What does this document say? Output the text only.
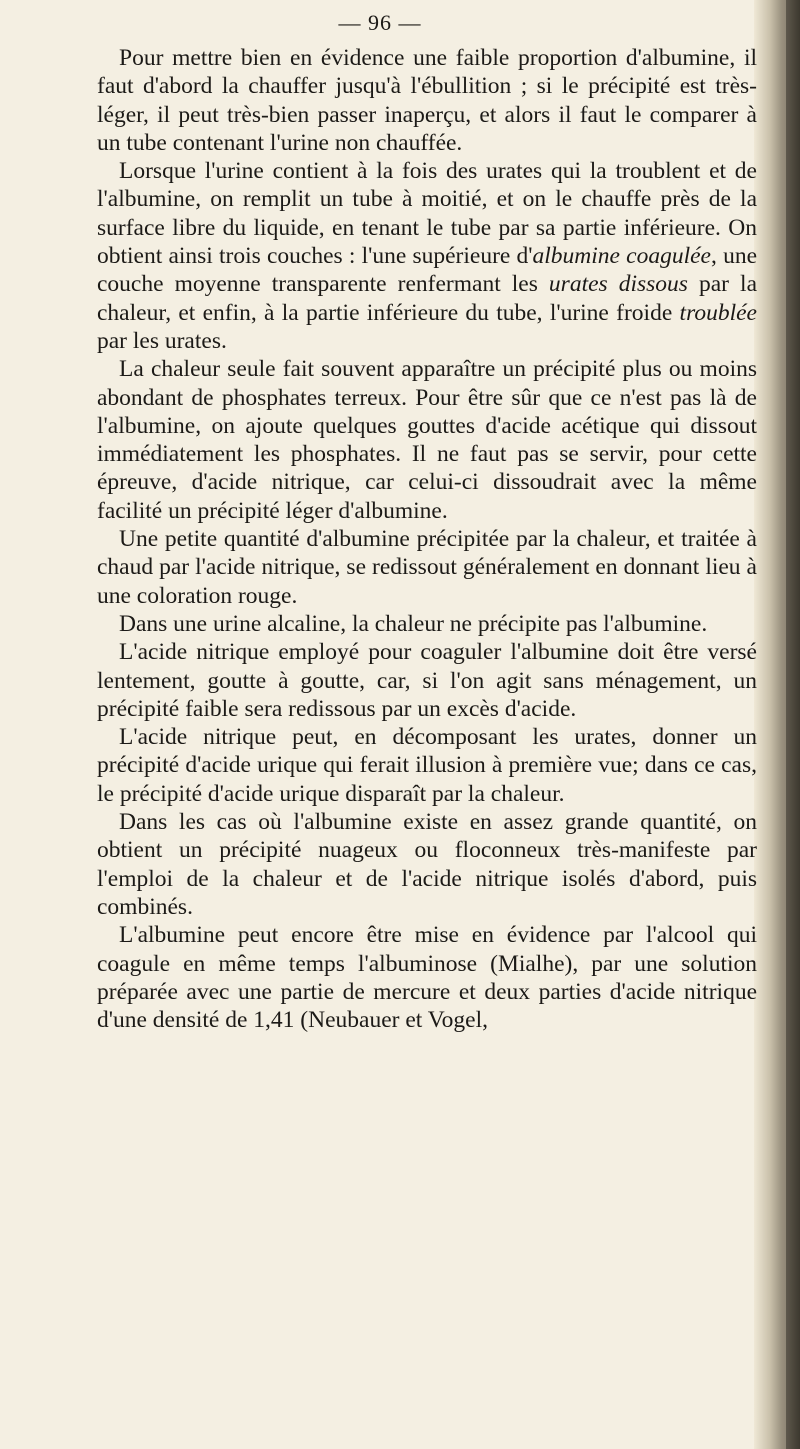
— 96 —

Pour mettre bien en évidence une faible proportion d'albumine, il faut d'abord la chauffer jusqu'à l'ébullition ; si le précipité est très-léger, il peut très-bien passer inaperçu, et alors il faut le comparer à un tube contenant l'urine non chauffée.

Lorsque l'urine contient à la fois des urates qui la troublent et de l'albumine, on remplit un tube à moitié, et on le chauffe près de la surface libre du liquide, en tenant le tube par sa partie inférieure. On obtient ainsi trois couches : l'une supérieure d'albumine coagulée, une couche moyenne transparente renfermant les urates dissous par la chaleur, et enfin, à la partie inférieure du tube, l'urine froide troublée par les urates.

La chaleur seule fait souvent apparaître un précipité plus ou moins abondant de phosphates terreux. Pour être sûr que ce n'est pas là de l'albumine, on ajoute quelques gouttes d'acide acétique qui dissout immédiatement les phosphates. Il ne faut pas se servir, pour cette épreuve, d'acide nitrique, car celui-ci dissoudrait avec la même facilité un précipité léger d'albumine.

Une petite quantité d'albumine précipitée par la chaleur, et traitée à chaud par l'acide nitrique, se redissout généralement en donnant lieu à une coloration rouge.

Dans une urine alcaline, la chaleur ne précipite pas l'albumine.

L'acide nitrique employé pour coaguler l'albumine doit être versé lentement, goutte à goutte, car, si l'on agit sans ménagement, un précipité faible sera redissous par un excès d'acide.

L'acide nitrique peut, en décomposant les urates, donner un précipité d'acide urique qui ferait illusion à première vue; dans ce cas, le précipité d'acide urique disparaît par la chaleur.

Dans les cas où l'albumine existe en assez grande quantité, on obtient un précipité nuageux ou floconneux très-manifeste par l'emploi de la chaleur et de l'acide nitrique isolés d'abord, puis combinés.

L'albumine peut encore être mise en évidence par l'alcool qui coagule en même temps l'albuminose (Mialhe), par une solution préparée avec une partie de mercure et deux parties d'acide nitrique d'une densité de 1,41 (Neubauer et Vogel,
